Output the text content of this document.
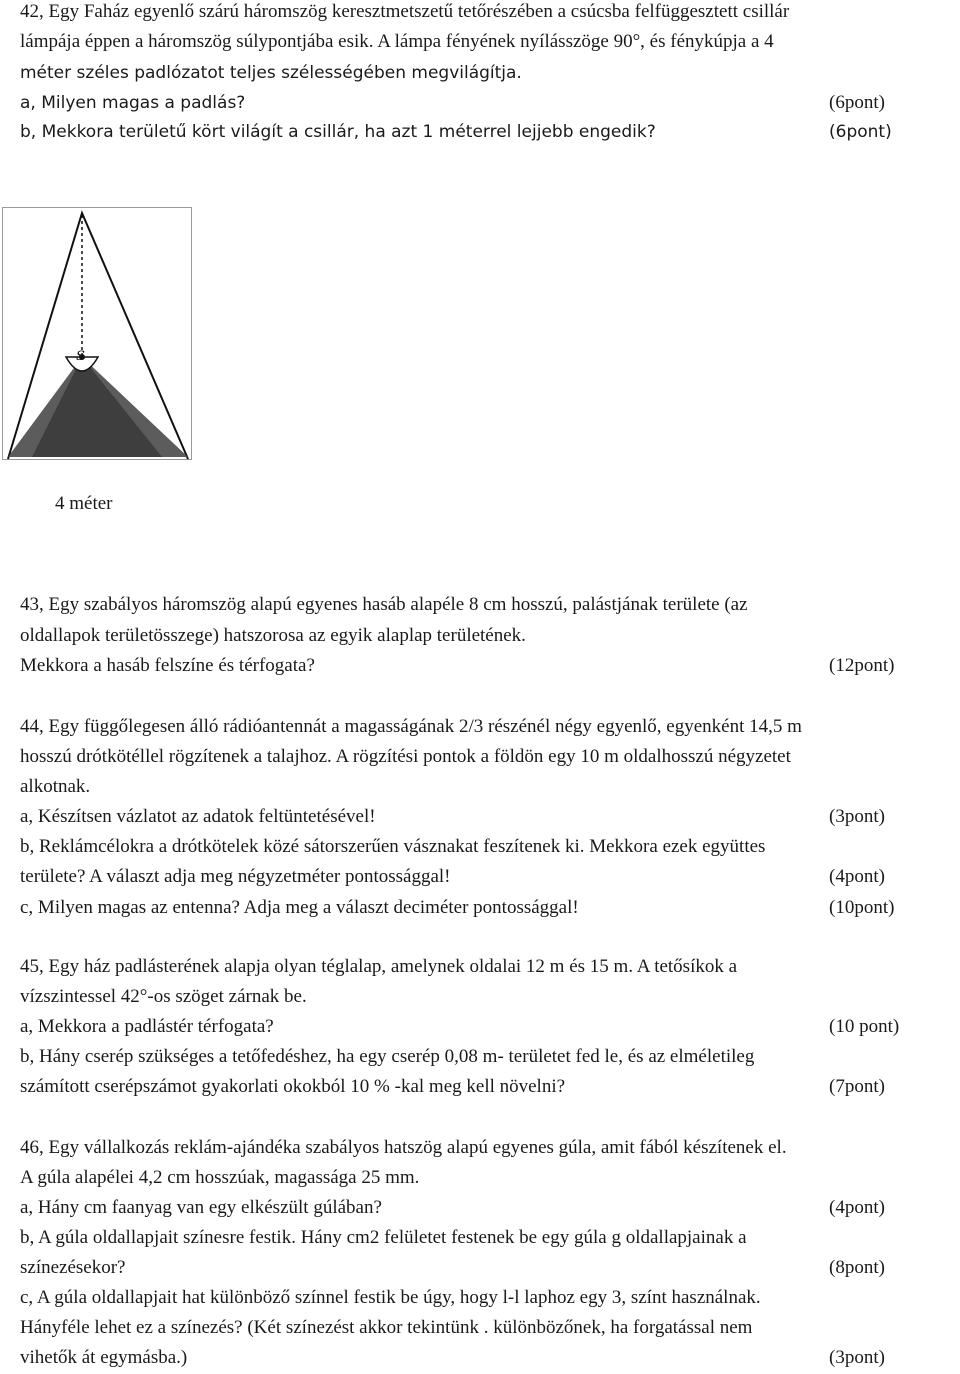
42, Egy Faház egyenlő szárú háromszög keresztmetszetű tetőrészében a csúcsba felfüggesztett csillár
lámpája éppen a háromszög súlypontjába esik. A lámpa fényének nyílásszöge 90°, és fénykúpja a 4
méter széles padlózatot teljes szélességében megvilágítja.
a, Milyen magas a padlás?	(6pont)
b, Mekkora területű kört világít a csillár, ha azt 1 méterrel lejjebb engedik?	(6pont)
S
4 méter
43, Egy szabályos háromszög alapú egyenes hasáb alapéle 8 cm hosszú, palástjának területe (az
oldallapok területösszege) hatszorosa az egyik alaplap területének.
Mekkora a hasáb felszíne és térfogata?	(12pont)
44, Egy függőlegesen álló rádióantennát a magasságának 2/3 részénél négy egyenlő, egyenként 14,5 m
hosszú drótkötéllel rögzítenek a talajhoz. A rögzítési pontok a földön egy 10 m oldalhosszú négyzetet
alkotnak.
a, Készítsen vázlatot az adatok feltüntetésével!	(3pont)
b, Reklámcélokra a drótkötelek közé sátorszerűen vásznakat feszítenek ki. Mekkora ezek együttes
területe? A választ adja meg négyzetméter pontossággal!	(4pont)
c, Milyen magas az entenna? Adja meg a választ deciméter pontossággal!	(10pont)
45, Egy ház padlásterének alapja olyan téglalap, amelynek oldalai 12 m és 15 m. A tetősíkok a
vízszintessel 42°-os szöget zárnak be.
a, Mekkora a padlástér térfogata?	(10 pont)
b, Hány cserép szükséges a tetőfedéshez, ha egy cserép 0,08 m- területet fed le, és az elméletileg
számított cserépszámot gyakorlati okokból 10 % -kal meg kell növelni?	(7pont)
46, Egy vállalkozás reklám-ajándéka szabályos hatszög alapú egyenes gúla, amit fából készítenek el.
A gúla alapélei 4,2 cm hosszúak, magassága 25 mm.
a, Hány cm faanyag van egy elkészült gúlában?	(4pont)
b, A gúla oldallapjait színesre festik. Hány cm2 felületet festenek be egy gúla g oldallapjainak a
színezésekor?	(8pont)
c, A gúla oldallapjait hat különböző színnel festik be úgy, hogy l-l laphoz egy 3, színt használnak.
Hányféle lehet ez a színezés? (Két színezést akkor tekintünk . különbözőnek, ha forgatással nem
vihetők át egymásba.)	(3pont)
